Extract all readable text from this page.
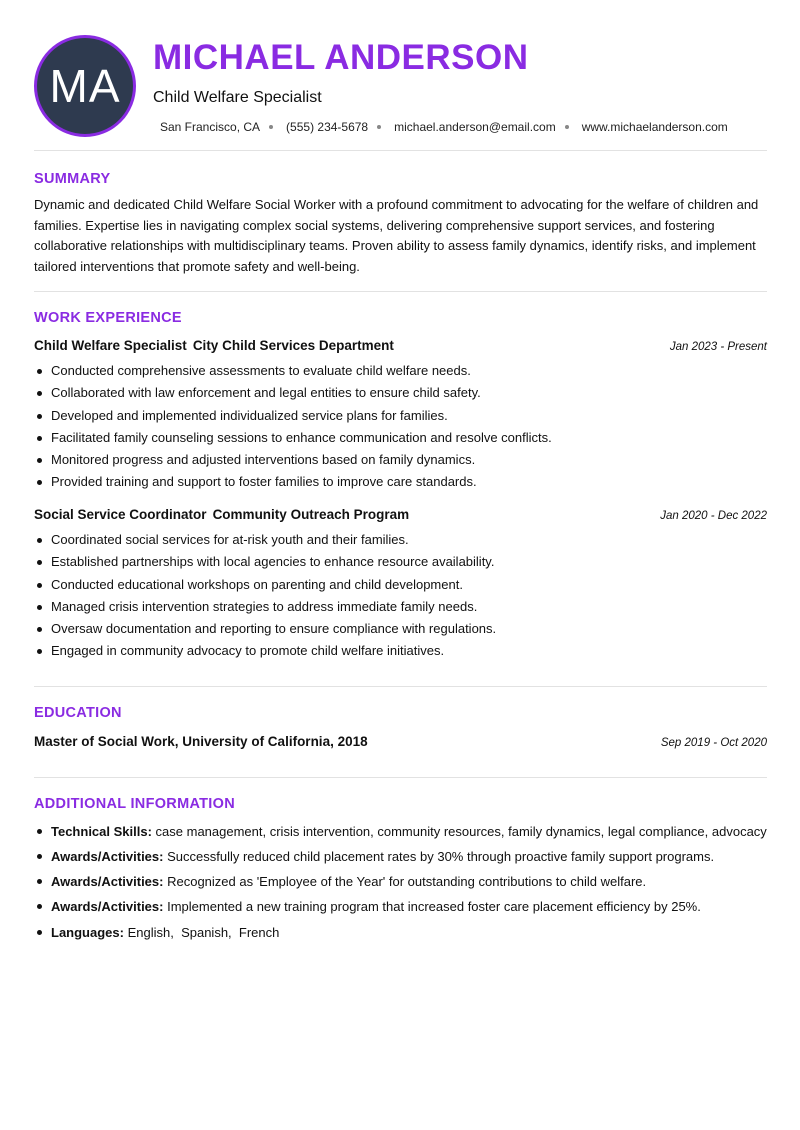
MA
MICHAEL ANDERSON
Child Welfare Specialist
San Francisco, CA (555) 234-5678 michael.anderson@email.com www.michaelanderson.com
SUMMARY
Dynamic and dedicated Child Welfare Social Worker with a profound commitment to advocating for the welfare of children and families. Expertise lies in navigating complex social systems, delivering comprehensive support services, and fostering collaborative relationships with multidisciplinary teams. Proven ability to assess family dynamics, identify risks, and implement tailored interventions that promote safety and well-being.
WORK EXPERIENCE
Child Welfare Specialist City Child Services Department	Jan 2023 - Present
Conducted comprehensive assessments to evaluate child welfare needs.
Collaborated with law enforcement and legal entities to ensure child safety.
Developed and implemented individualized service plans for families.
Facilitated family counseling sessions to enhance communication and resolve conflicts.
Monitored progress and adjusted interventions based on family dynamics.
Provided training and support to foster families to improve care standards.
Social Service Coordinator Community Outreach Program	Jan 2020 - Dec 2022
Coordinated social services for at-risk youth and their families.
Established partnerships with local agencies to enhance resource availability.
Conducted educational workshops on parenting and child development.
Managed crisis intervention strategies to address immediate family needs.
Oversaw documentation and reporting to ensure compliance with regulations.
Engaged in community advocacy to promote child welfare initiatives.
EDUCATION
Master of Social Work, University of California, 2018	Sep 2019 - Oct 2020
ADDITIONAL INFORMATION
Technical Skills: case management, crisis intervention, community resources, family dynamics, legal compliance, advocacy
Awards/Activities: Successfully reduced child placement rates by 30% through proactive family support programs.
Awards/Activities: Recognized as 'Employee of the Year' for outstanding contributions to child welfare.
Awards/Activities: Implemented a new training program that increased foster care placement efficiency by 25%.
Languages: English,  Spanish,  French
